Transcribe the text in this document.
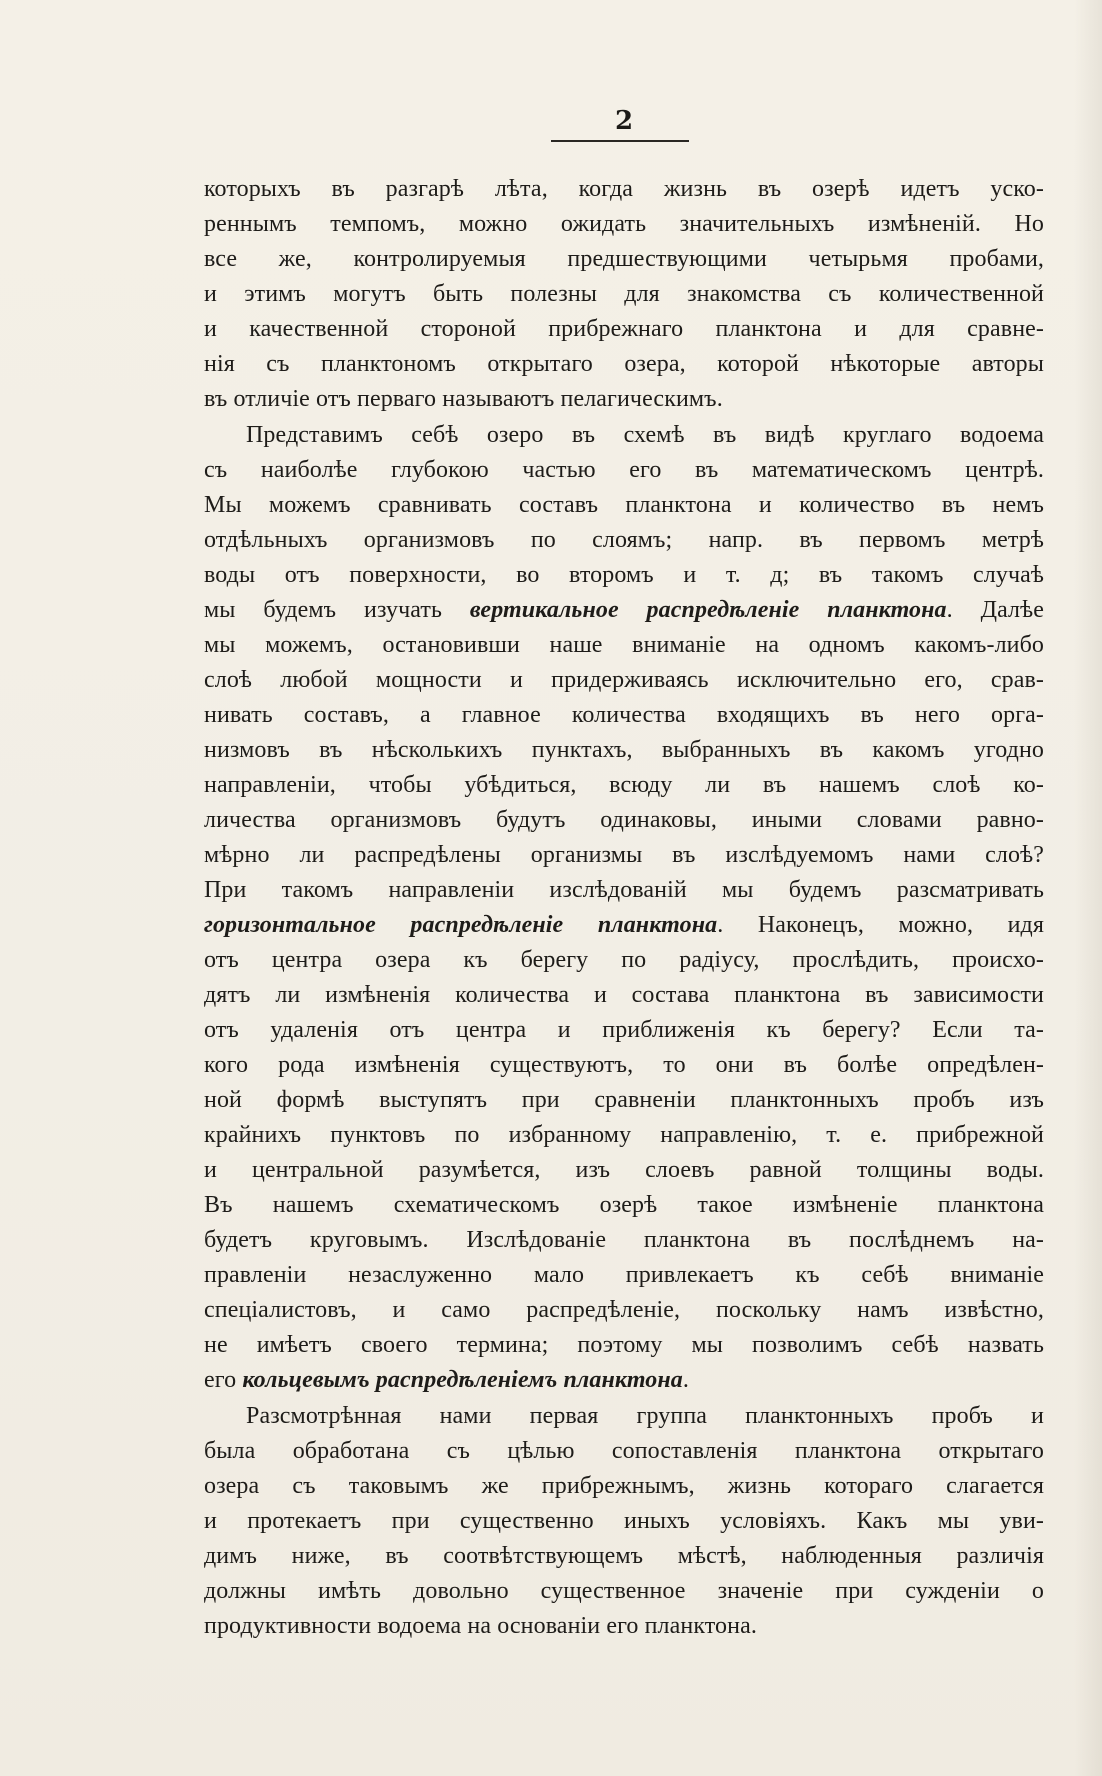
2
которыхъ въ разгарѣ лѣта, когда жизнь въ озерѣ идетъ уско-
реннымъ темпомъ, можно ожидать значительныхъ измѣненій. Но
все же, контролируемыя предшествующими четырьмя пробами,
и этимъ могутъ быть полезны для знакомства съ количественной
и качественной стороной прибрежнаго планктона и для сравне-
нія съ планктономъ открытаго озера, которой нѣкоторые авторы
въ отличіе отъ перваго называютъ пелагическимъ.
Представимъ себѣ озеро въ схемѣ въ видѣ круглаго водоема
съ наиболѣе глубокою частью его въ математическомъ центрѣ.
Мы можемъ сравнивать составъ планктона и количество въ немъ
отдѣльныхъ организмовъ по слоямъ; напр. въ первомъ метрѣ
воды отъ поверхности, во второмъ и т. д; въ такомъ случаѣ
мы будемъ изучать вертикальное распредѣленіе планктона. Далѣе
мы можемъ, остановивши наше вниманіе на одномъ какомъ-либо
слоѣ любой мощности и придерживаясь исключительно его, срав-
нивать составъ, а главное количества входящихъ въ него орга-
низмовъ въ нѣсколькихъ пунктахъ, выбранныхъ въ какомъ угодно
направленіи, чтобы убѣдиться, всюду ли въ нашемъ слоѣ ко-
личества организмовъ будутъ одинаковы, иными словами равно-
мѣрно ли распредѣлены организмы въ изслѣдуемомъ нами слоѣ?
При такомъ направленіи изслѣдованій мы будемъ разсматривать
горизонтальное распредѣленіе планктона. Наконецъ, можно, идя
отъ центра озера къ берегу по радіусу, прослѣдить, происхо-
дятъ ли измѣненія количества и состава планктона въ зависимости
отъ удаленія отъ центра и приближенія къ берегу? Если та-
кого рода измѣненія существуютъ, то они въ болѣе опредѣлен-
ной формѣ выступятъ при сравненіи планктонныхъ пробъ изъ
крайнихъ пунктовъ по избранному направленію, т. е. прибрежной
и центральной разумѣется, изъ слоевъ равной толщины воды.
Въ нашемъ схематическомъ озерѣ такое измѣненіе планктона
будетъ круговымъ. Изслѣдованіе планктона въ послѣднемъ на-
правленіи незаслуженно мало привлекаетъ къ себѣ вниманіе
спеціалистовъ, и само распредѣленіе, поскольку намъ извѣстно,
не имѣетъ своего термина; поэтому мы позволимъ себѣ назвать
его кольцевымъ распредѣленіемъ планктона.
Разсмотрѣнная нами первая группа планктонныхъ пробъ и
была обработана съ цѣлью сопоставленія планктона открытаго
озера съ таковымъ же прибрежнымъ, жизнь котораго слагается
и протекаетъ при существенно иныхъ условіяхъ. Какъ мы уви-
димъ ниже, въ соотвѣтствующемъ мѣстѣ, наблюденныя различія
должны имѣть довольно существенное значеніе при сужденіи о
продуктивности водоема на основаніи его планктона.
